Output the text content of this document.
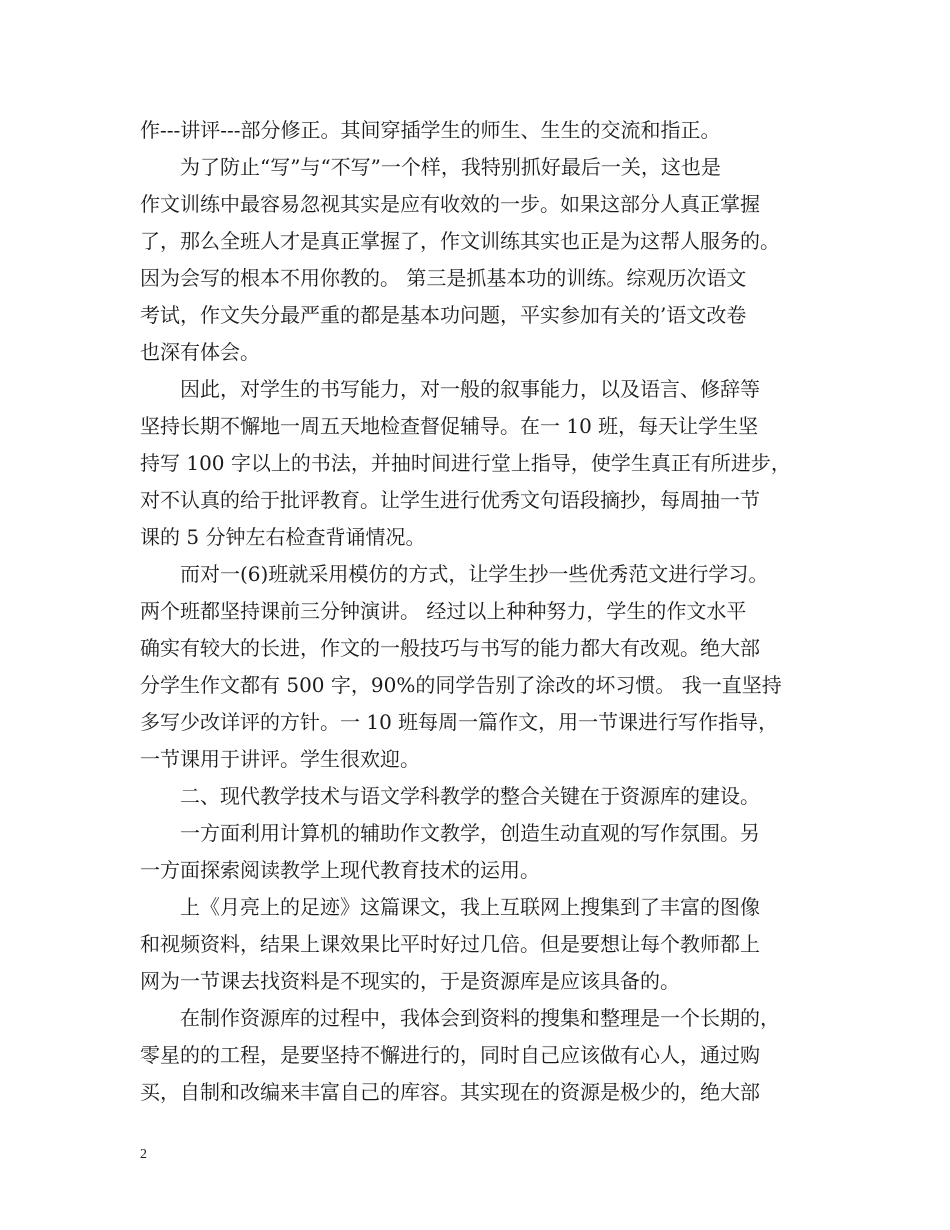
作---讲评---部分修正。其间穿插学生的师生、生生的交流和指正。
为了防止“写”与“不写”一个样，我特别抓好最后一关，这也是
作文训练中最容易忽视其实是应有收效的一步。如果这部分人真正掌握
了，那么全班人才是真正掌握了，作文训练其实也正是为这帮人服务的。
因为会写的根本不用你教的。 第三是抓基本功的训练。综观历次语文
考试，作文失分最严重的都是基本功问题，平实参加有关的’语文改卷
也深有体会。
因此，对学生的书写能力，对一般的叙事能力，以及语言、修辞等
坚持长期不懈地一周五天地检查督促辅导。在一 10 班，每天让学生坚
持写 100 字以上的书法，并抽时间进行堂上指导，使学生真正有所进步，
对不认真的给于批评教育。让学生进行优秀文句语段摘抄，每周抽一节
课的 5 分钟左右检查背诵情况。
而对一(6)班就采用模仿的方式，让学生抄一些优秀范文进行学习。
两个班都坚持课前三分钟演讲。 经过以上种种努力，学生的作文水平
确实有较大的长进，作文的一般技巧与书写的能力都大有改观。绝大部
分学生作文都有 500 字，90%的同学告别了涂改的坏习惯。 我一直坚持
多写少改详评的方针。一 10 班每周一篇作文，用一节课进行写作指导，
一节课用于讲评。学生很欢迎。
二、现代教学技术与语文学科教学的整合关键在于资源库的建设。
一方面利用计算机的辅助作文教学，创造生动直观的写作氛围。另
一方面探索阅读教学上现代教育技术的运用。
上《月亮上的足迹》这篇课文，我上互联网上搜集到了丰富的图像
和视频资料，结果上课效果比平时好过几倍。但是要想让每个教师都上
网为一节课去找资料是不现实的，于是资源库是应该具备的。
在制作资源库的过程中，我体会到资料的搜集和整理是一个长期的，
零星的的工程，是要坚持不懈进行的，同时自己应该做有心人，通过购
买，自制和改编来丰富自己的库容。其实现在的资源是极少的，绝大部
2
